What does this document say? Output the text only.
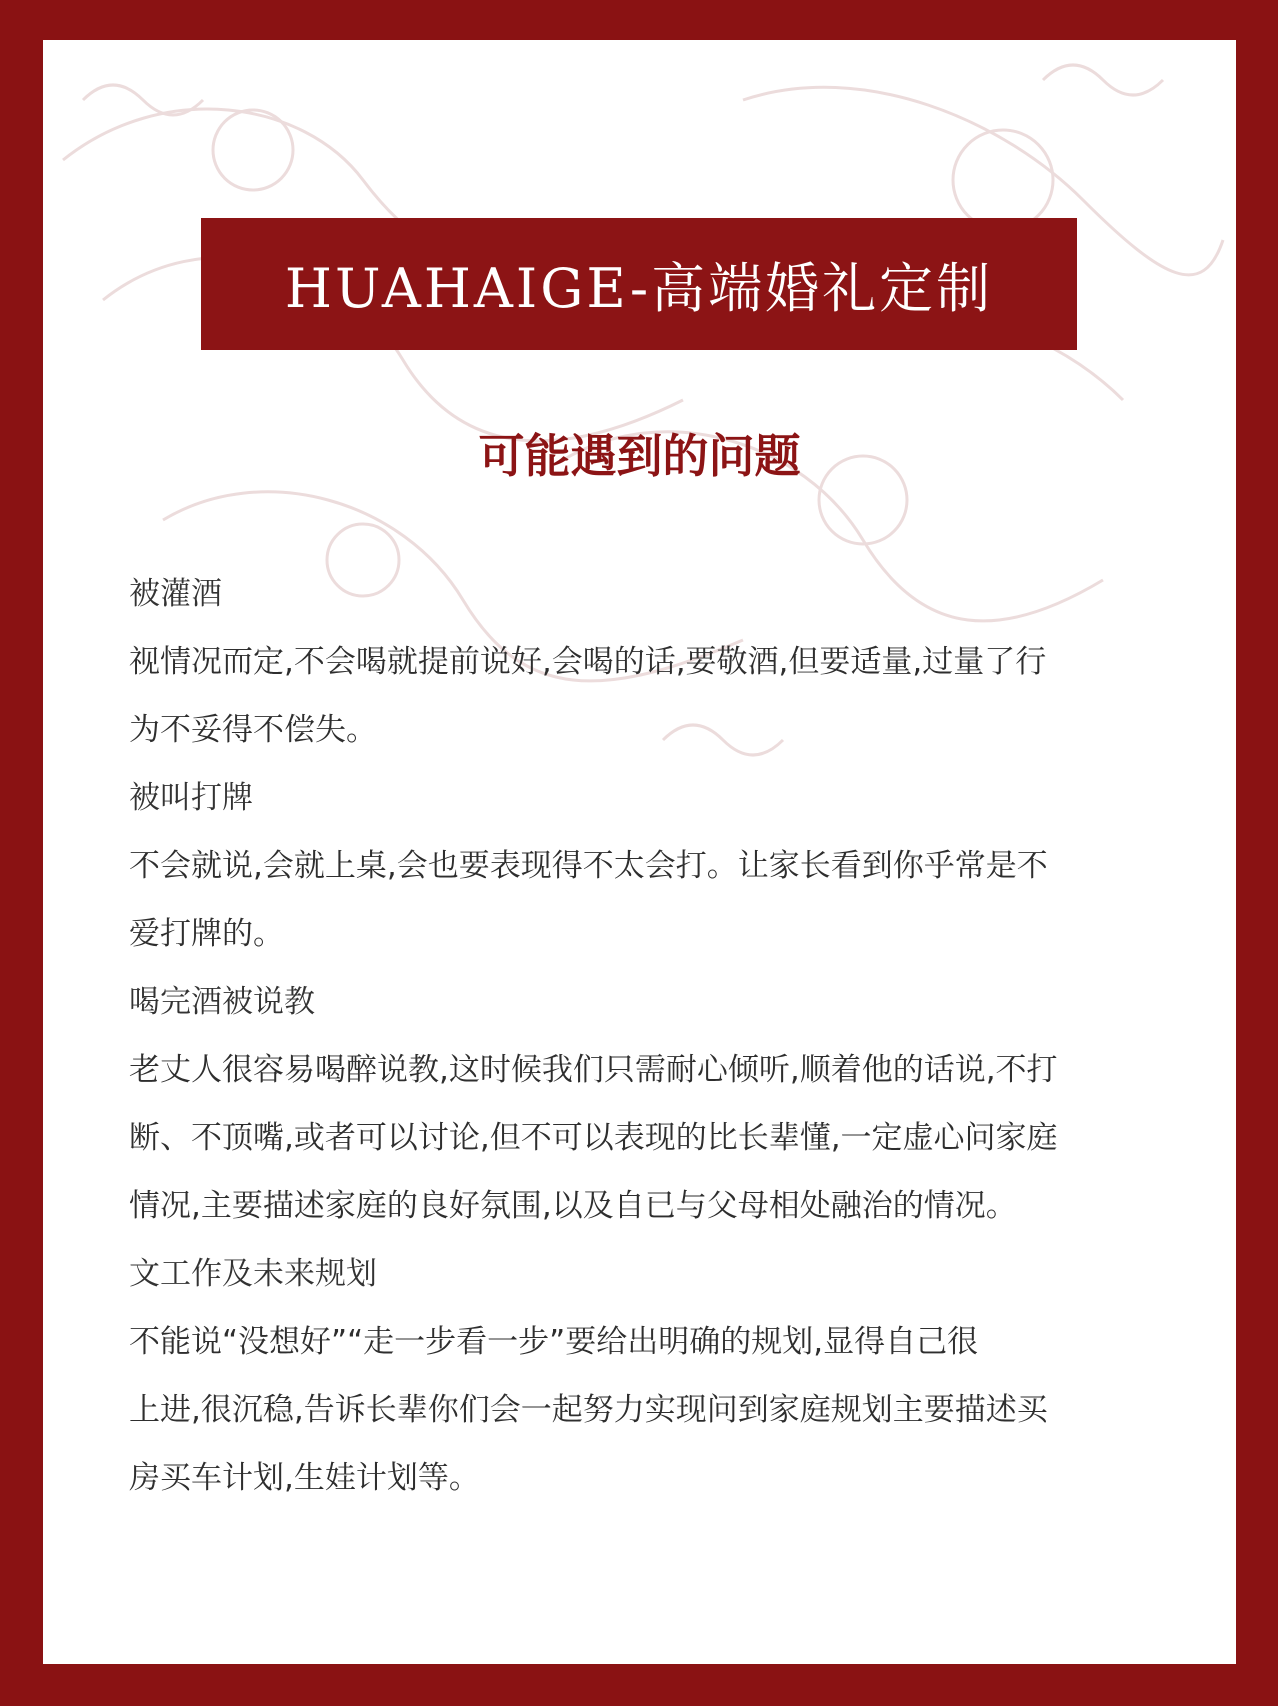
HUAHAIGE-高端婚礼定制
可能遇到的问题
被灌酒
视情况而定,不会喝就提前说好,会喝的话,要敬酒,但要适量,过量了行
为不妥得不偿失。
被叫打牌
不会就说,会就上桌,会也要表现得不太会打。让家长看到你乎常是不
爱打牌的。
喝完酒被说教
老丈人很容易喝醉说教,这时候我们只需耐心倾听,顺着他的话说,不打
断、不顶嘴,或者可以讨论,但不可以表现的比长辈懂,一定虚心问家庭
情况,主要描述家庭的良好氛围,以及自已与父母相处融治的情况。
文工作及未来规划
不能说“没想好”“走一步看一步”要给出明确的规划,显得自己很
上进,很沉稳,告诉长辈你们会一起努力实现问到家庭规划主要描述买
房买车计划,生娃计划等。
